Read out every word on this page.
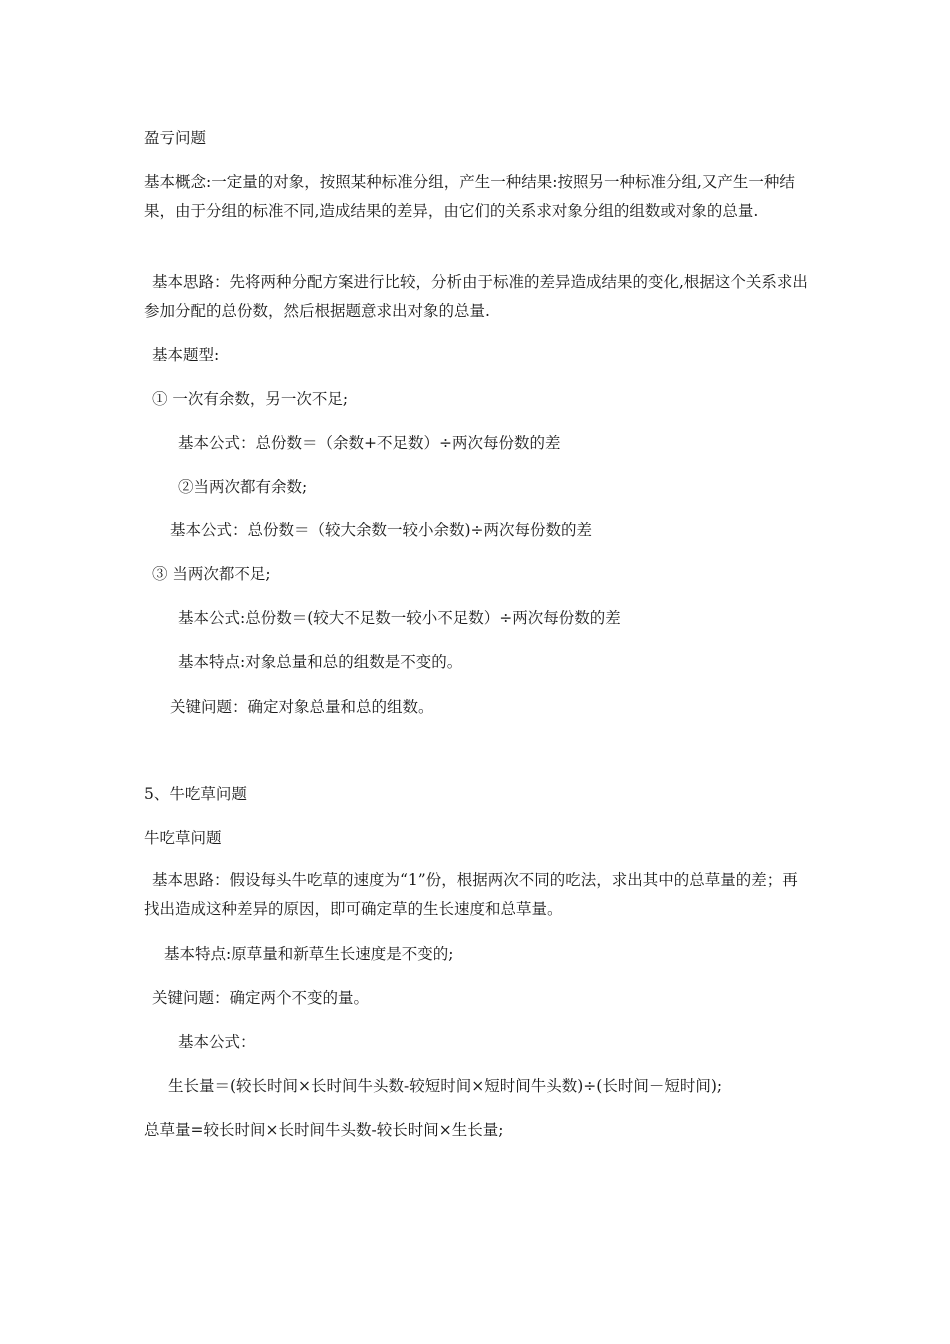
盈亏问题
基本概念:一定量的对象，按照某种标准分组，产生一种结果:按照另一种标准分组,又产生一种结果，由于分组的标准不同,造成结果的差异，由它们的关系求对象分组的组数或对象的总量.
基本思路：先将两种分配方案进行比较，分析由于标准的差异造成结果的变化,根据这个关系求出参加分配的总份数，然后根据题意求出对象的总量.
基本题型:
① 一次有余数，另一次不足;
基本公式：总份数＝（余数+不足数）÷两次每份数的差
②当两次都有余数;
基本公式：总份数＝（较大余数一较小余数)÷两次每份数的差
③ 当两次都不足;
基本公式:总份数＝(较大不足数一较小不足数）÷两次每份数的差
基本特点:对象总量和总的组数是不变的。
关键问题：确定对象总量和总的组数。
5、牛吃草问题
牛吃草问题
基本思路：假设每头牛吃草的速度为“1”份，根据两次不同的吃法，求出其中的总草量的差；再找出造成这种差异的原因，即可确定草的生长速度和总草量。
基本特点:原草量和新草生长速度是不变的;
关键问题：确定两个不变的量。
基本公式：
生长量＝(较长时间×长时间牛头数-较短时间×短时间牛头数)÷(长时间－短时间);
总草量=较长时间×长时间牛头数-较长时间×生长量;
